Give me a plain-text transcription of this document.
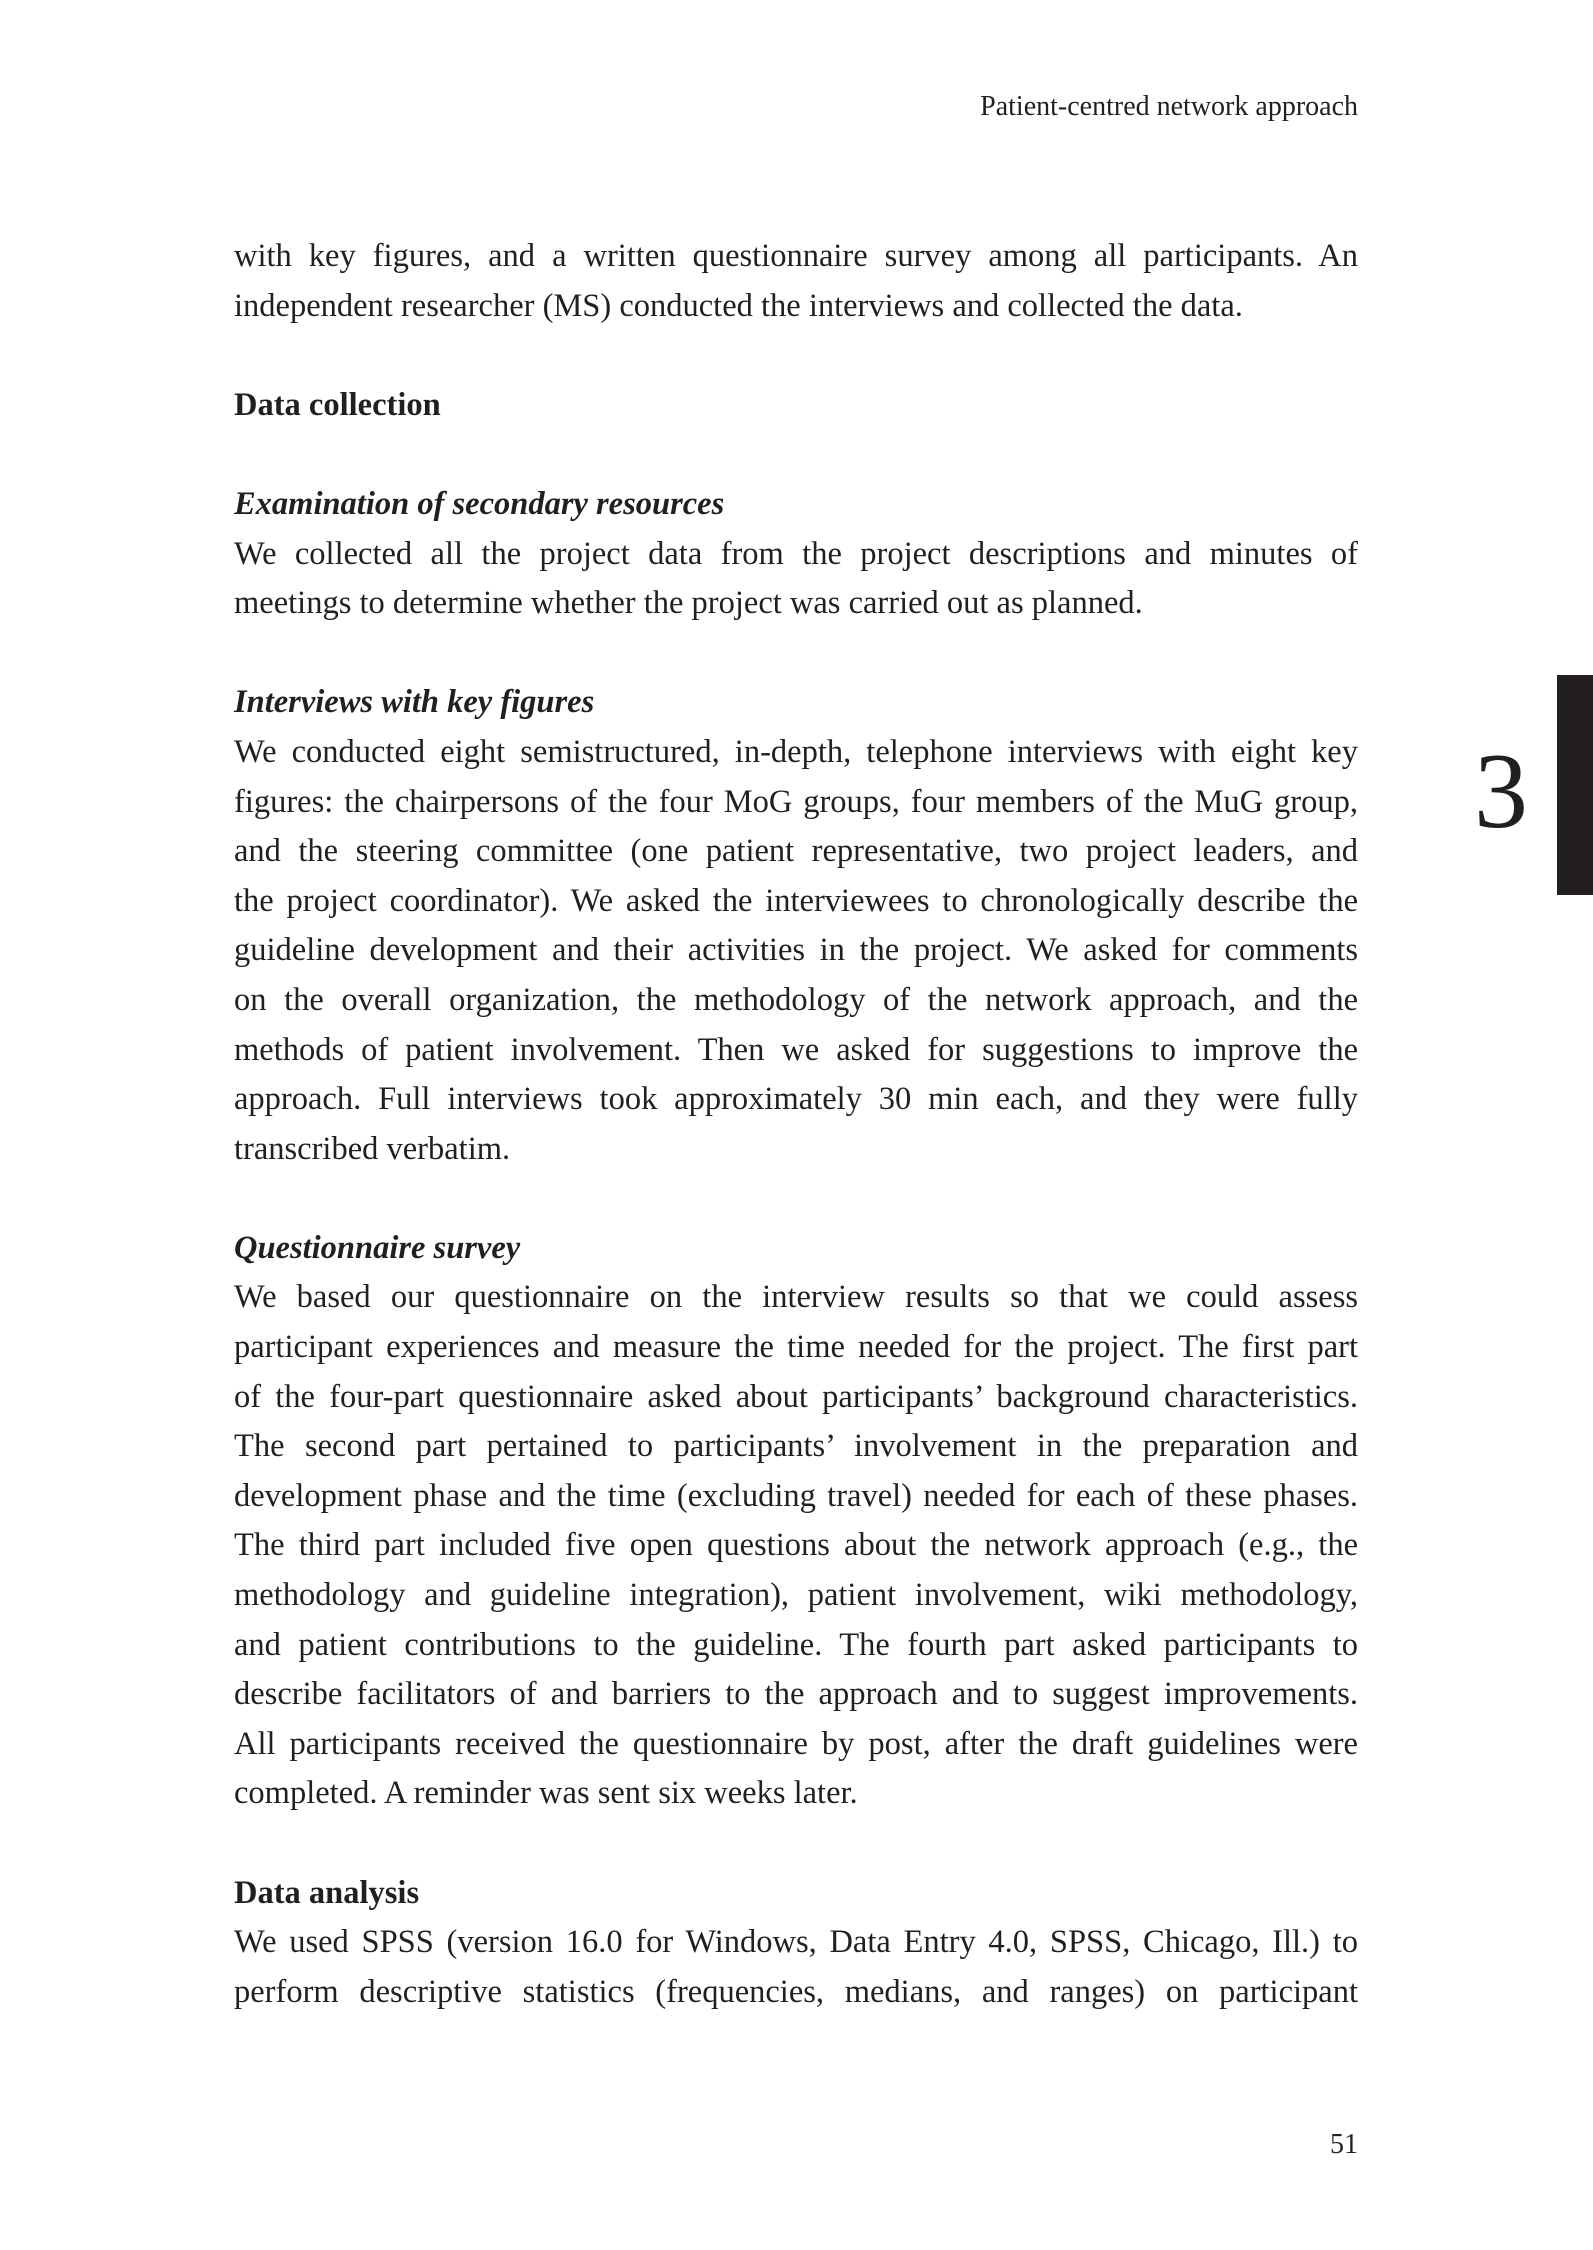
Patient-centred network approach
3
with key figures, and a written questionnaire survey among all participants. An
independent researcher (MS) conducted the interviews and collected the data.
Data collection
Examination of secondary resources
We collected all the project data from the project descriptions and minutes of
meetings to determine whether the project was carried out as planned.
Interviews with key figures
We conducted eight semistructured, in-depth, telephone interviews with eight key
figures: the chairpersons of the four MoG groups, four members of the MuG group,
and the steering committee (one patient representative, two project leaders, and
the project coordinator). We asked the interviewees to chronologically describe the
guideline development and their activities in the project. We asked for comments
on the overall organization, the methodology of the network approach, and the
methods of patient involvement. Then we asked for suggestions to improve the
approach. Full interviews took approximately 30 min each, and they were fully
transcribed verbatim.
Questionnaire survey
We based our questionnaire on the interview results so that we could assess
participant experiences and measure the time needed for the project. The first part
of the four-part questionnaire asked about participants’ background characteristics.
The second part pertained to participants’ involvement in the preparation and
development phase and the time (excluding travel) needed for each of these phases.
The third part included five open questions about the network approach (e.g., the
methodology and guideline integration), patient involvement, wiki methodology,
and patient contributions to the guideline. The fourth part asked participants to
describe facilitators of and barriers to the approach and to suggest improvements.
All participants received the questionnaire by post, after the draft guidelines were
completed. A reminder was sent six weeks later.
Data analysis
We used SPSS (version 16.0 for Windows, Data Entry 4.0, SPSS, Chicago, Ill.) to
perform descriptive statistics (frequencies, medians, and ranges) on participant
51
